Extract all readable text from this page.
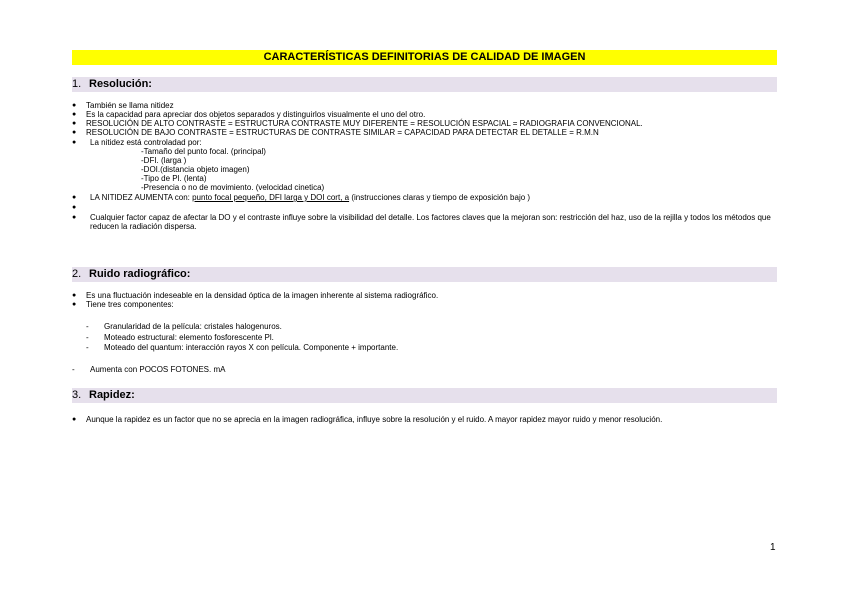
CARACTERÍSTICAS DEFINITORIAS DE CALIDAD DE IMAGEN
1. Resolución:
● También se llama nitidez
● Es la capacidad para apreciar dos objetos separados y distinguirlos visualmente el uno del otro.
● RESOLUCIÓN DE ALTO CONTRASTE = ESTRUCTURA CONTRASTE MUY DIFERENTE = RESOLUCIÓN ESPACIAL = RADIOGRAFIA CONVENCIONAL.
● RESOLUCIÓN DE BAJO CONTRASTE = ESTRUCTURAS DE CONTRASTE SIMILAR = CAPACIDAD PARA DETECTAR EL DETALLE = R.M.N
● La nitidez está controladad por:
-Tamaño del punto focal. (principal)
-DFI. (larga )
-DOI.(distancia objeto imagen)
-Tipo de Pl. (lenta)
-Presencia o no de movimiento. (velocidad cinetica)
● LA NITIDEZ AUMENTA con: punto focal pequeño, DFI larga y DOI cort, a (instrucciones claras y tiempo de exposición bajo )
●
● Cualquier factor capaz de afectar la DO y el contraste influye sobre la visibilidad del detalle. Los factores claves que la mejoran son: restricción del haz, uso de la rejilla y todos los métodos que reducen la radiación dispersa.
2. Ruido radiográfico:
● Es una fluctuación indeseable en la densidad óptica de la imagen inherente al sistema radiográfico.
● Tiene tres componentes:
- Granularidad de la película: cristales halogenuros.
- Moteado estructural: elemento fosforescente Pl.
- Moteado del quantum: interacción rayos X con película. Componente + importante.
- Aumenta con POCOS FOTONES. mA
3. Rapidez:
● Aunque la rapidez es un factor que no se aprecia en la imagen radiográfica, influye sobre la resolución y el ruido. A mayor rapidez mayor ruido y menor resolución.
1
